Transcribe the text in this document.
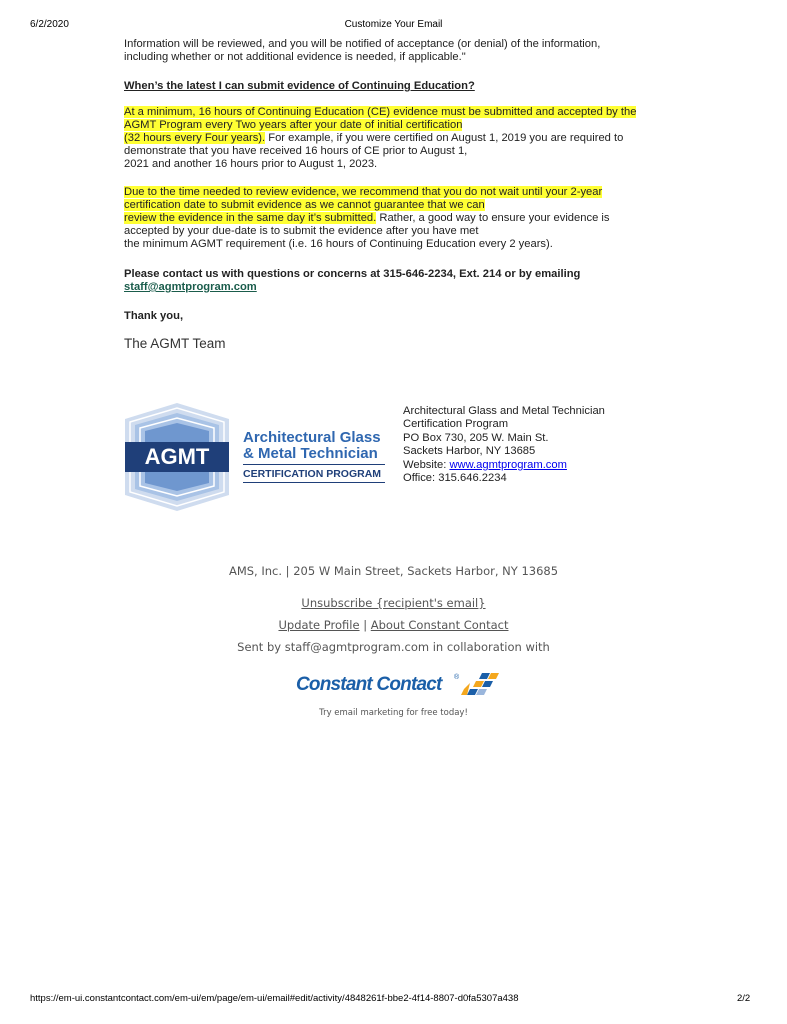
6/2/2020	Customize Your Email

Information will be reviewed, and you will be notified of acceptance (or denial) of the information,

including whether or not additional evidence is needed, if applicable."

When’s the latest I can submit evidence of Continuing Education?

At a minimum, 16 hours of Continuing Education (CE) evidence must be submitted and accepted by the

AGMT Program every Two years after your date of initial certification

(32 hours every Four years). For example, if you were certified on August 1, 2019 you are required to

demonstrate that you have received 16 hours of CE prior to August 1,

2021 and another 16 hours prior to August 1, 2023.

Due to the time needed to review evidence, we recommend that you do not wait until your 2-year

certification date to submit evidence as we cannot guarantee that we can

review the evidence in the same day it’s submitted. Rather, a good way to ensure your evidence is

accepted by your due-date is to submit the evidence after you have met

the minimum AGMT requirement (i.e. 16 hours of Continuing Education every 2 years).

Please contact us with questions or concerns at 315-646-2234, Ext. 214 or by emailing

staff@agmtprogram.com

Thank you,
The AGMT Team
AGMT
Architectural Glass
& Metal Technician
CERTIFICATION PROGRAM
Architectural Glass and Metal Technician
Certification Program
PO Box 730, 205 W. Main St.
Sackets Harbor, NY 13685
Website: www.agmtprogram.com
Office: 315.646.2234
AMS, Inc. | 205 W Main Street, Sackets Harbor, NY 13685
Unsubscribe {recipient's email}
Update Profile | About Constant Contact
Sent by staff@agmtprogram.com in collaboration with
Constant Contact ®
Try email marketing for free today!
https://em-ui.constantcontact.com/em-ui/em/page/em-ui/email#edit/activity/4848261f-bbe2-4f14-8807-d0fa5307a438	2/2
